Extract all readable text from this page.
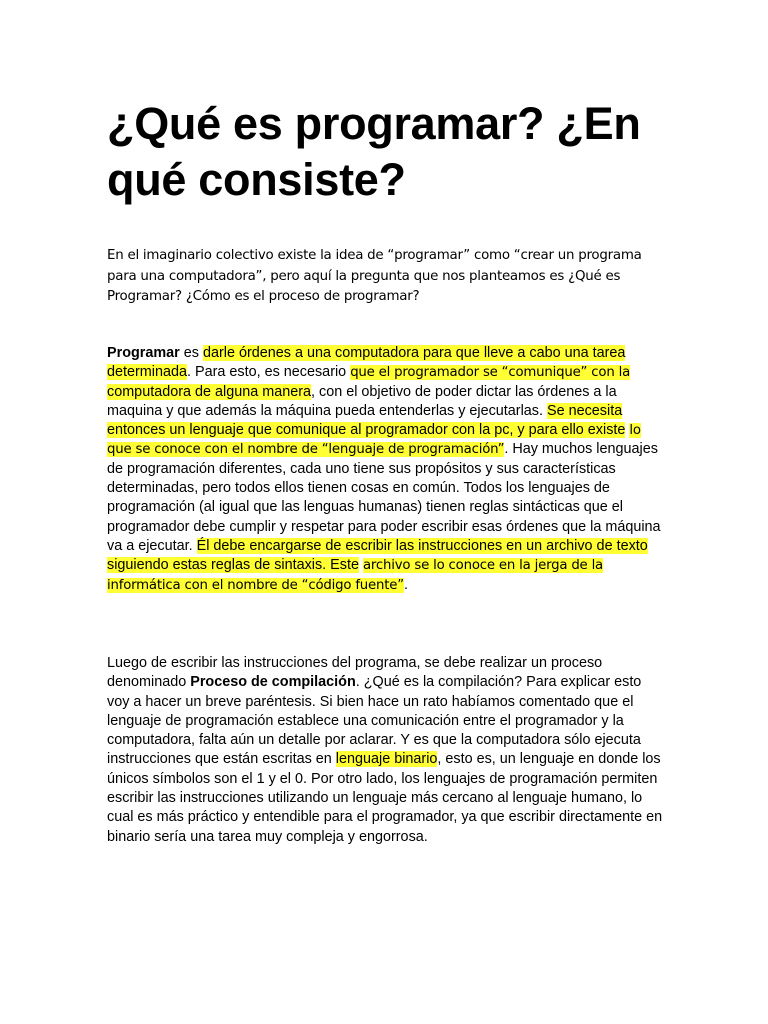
¿Qué es programar? ¿En qué consiste?

En el imaginario colectivo existe la idea de “programar” como “crear un programa para una computadora”, pero aquí la pregunta que nos planteamos es ¿Qué es Programar? ¿Cómo es el proceso de programar?

Programar es darle órdenes a una computadora para que lleve a cabo una tarea determinada. Para esto, es necesario que el programador se “comunique” con la computadora de alguna manera, con el objetivo de poder dictar las órdenes a la maquina y que además la máquina pueda entenderlas y ejecutarlas. Se necesita entonces un lenguaje que comunique al programador con la pc, y para ello existe lo que se conoce con el nombre de “lenguaje de programación”. Hay muchos lenguajes de programación diferentes, cada uno tiene sus propósitos y sus características determinadas, pero todos ellos tienen cosas en común. Todos los lenguajes de programación (al igual que las lenguas humanas) tienen reglas sintácticas que el programador debe cumplir y respetar para poder escribir esas órdenes que la máquina va a ejecutar. Él debe encargarse de escribir las instrucciones en un archivo de texto siguiendo estas reglas de sintaxis. Este archivo se lo conoce en la jerga de la informática con el nombre de “código fuente”.

Luego de escribir las instrucciones del programa, se debe realizar un proceso denominado Proceso de compilación. ¿Qué es la compilación? Para explicar esto voy a hacer un breve paréntesis. Si bien hace un rato habíamos comentado que el lenguaje de programación establece una comunicación entre el programador y la computadora, falta aún un detalle por aclarar. Y es que la computadora sólo ejecuta instrucciones que están escritas en lenguaje binario, esto es, un lenguaje en donde los únicos símbolos son el 1 y el 0. Por otro lado, los lenguajes de programación permiten escribir las instrucciones utilizando un lenguaje más cercano al lenguaje humano, lo cual es más práctico y entendible para el programador, ya que escribir directamente en binario sería una tarea muy compleja y engorrosa.
